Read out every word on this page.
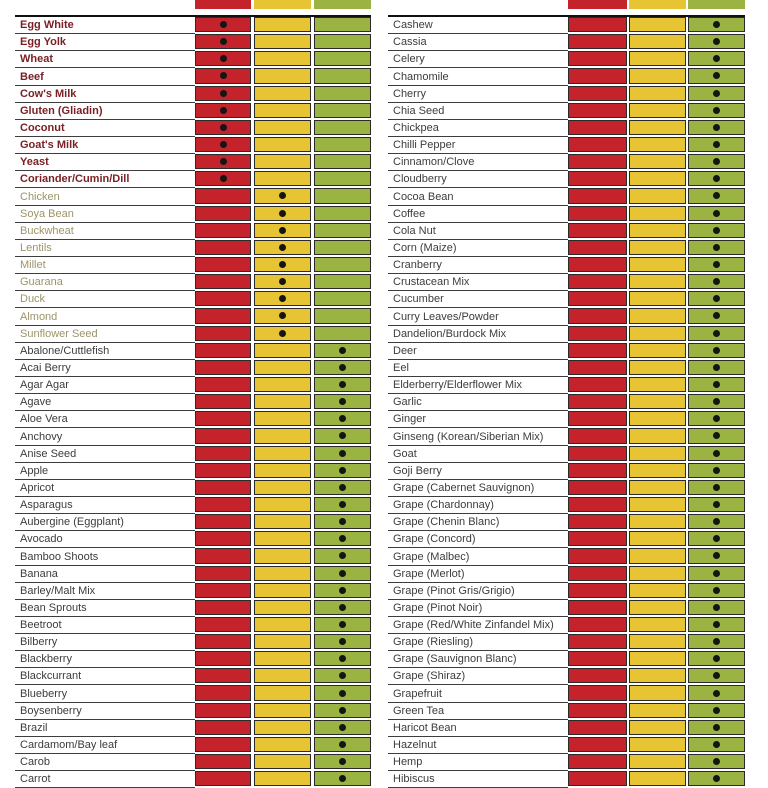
Egg White
Egg Yolk
Wheat
Beef
Cow's Milk
Gluten (Gliadin)
Coconut
Goat's Milk
Yeast
Coriander/Cumin/Dill
Chicken
Soya Bean
Buckwheat
Lentils
Millet
Guarana
Duck
Almond
Sunflower Seed
Abalone/Cuttlefish
Acai Berry
Agar Agar
Agave
Aloe Vera
Anchovy
Anise Seed
Apple
Apricot
Asparagus
Aubergine (Eggplant)
Avocado
Bamboo Shoots
Banana
Barley/Malt Mix
Bean Sprouts
Beetroot
Bilberry
Blackberry
Blackcurrant
Blueberry
Boysenberry
Brazil
Cardamom/Bay leaf
Carob
Carrot
Cashew
Cassia
Celery
Chamomile
Cherry
Chia Seed
Chickpea
Chilli Pepper
Cinnamon/Clove
Cloudberry
Cocoa Bean
Coffee
Cola Nut
Corn (Maize)
Cranberry
Crustacean Mix
Cucumber
Curry Leaves/Powder
Dandelion/Burdock Mix
Deer
Eel
Elderberry/Elderflower Mix
Garlic
Ginger
Ginseng (Korean/Siberian Mix)
Goat
Goji Berry
Grape (Cabernet Sauvignon)
Grape (Chardonnay)
Grape (Chenin Blanc)
Grape (Concord)
Grape (Malbec)
Grape (Merlot)
Grape (Pinot Gris/Grigio)
Grape (Pinot Noir)
Grape (Red/White Zinfandel Mix)
Grape (Riesling)
Grape (Sauvignon Blanc)
Grape (Shiraz)
Grapefruit
Green Tea
Haricot Bean
Hazelnut
Hemp
Hibiscus
